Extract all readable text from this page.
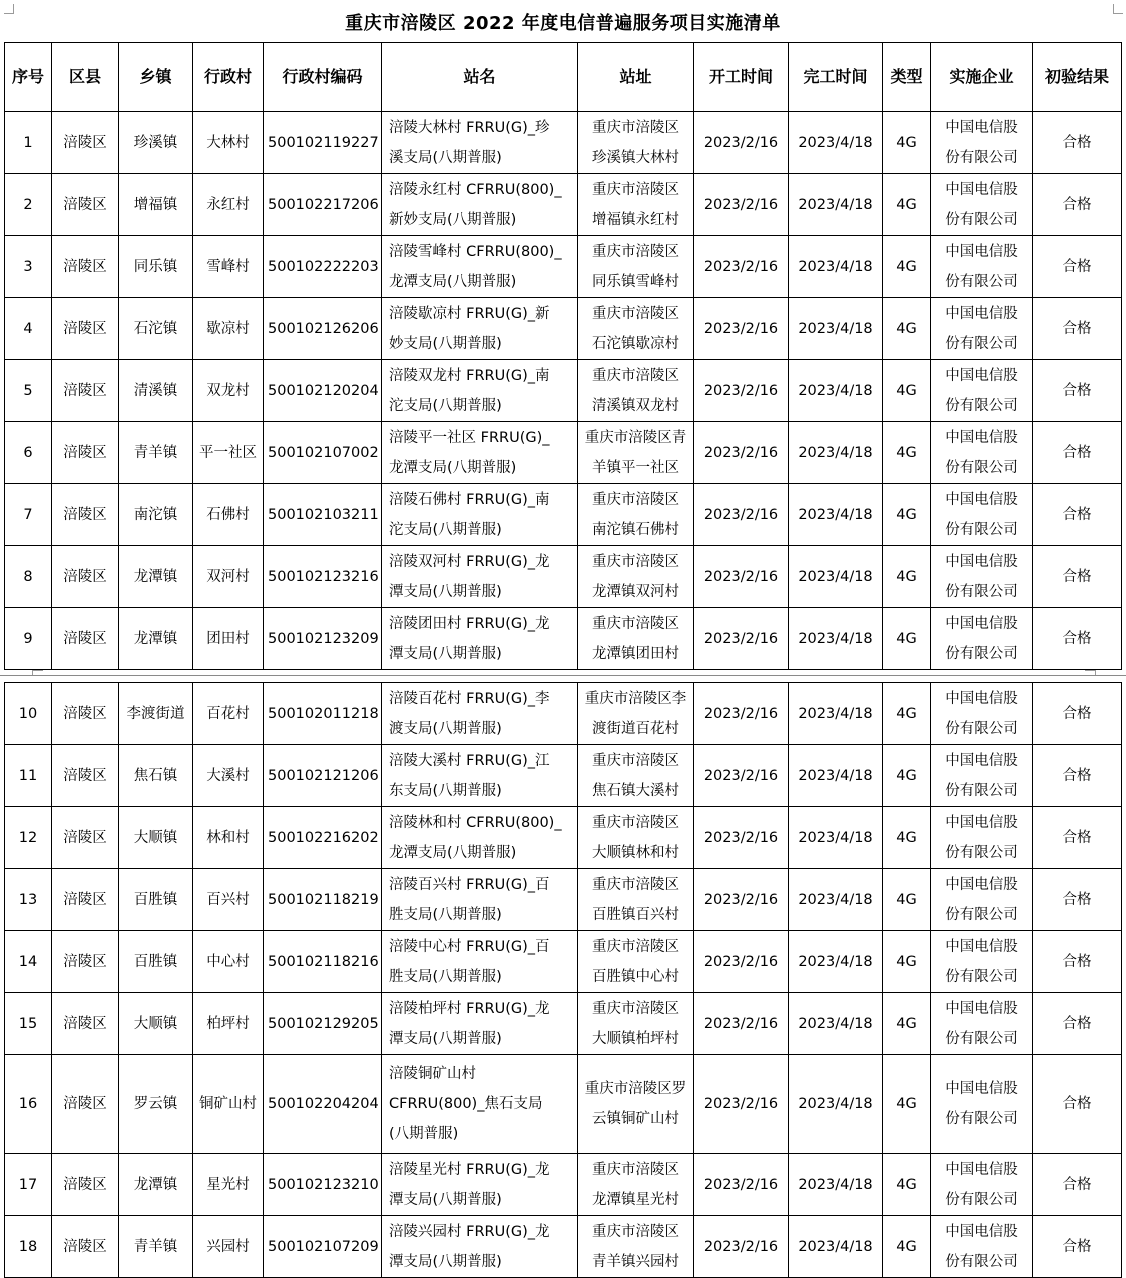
重庆市涪陵区 2022 年度电信普遍服务项目实施清单
序号	区县	乡镇	行政村	行政村编码	站名	站址	开工时间	完工时间	类型	实施企业	初验结果
1	涪陵区	珍溪镇	大林村	500102119227	涪陵大林村 FRRU(G)_珍
溪支局(八期普服)	重庆市涪陵区
珍溪镇大林村	2023/2/16	2023/4/18	4G	中国电信股
份有限公司	合格
2	涪陵区	增福镇	永红村	500102217206	涪陵永红村 CFRRU(800)_
新妙支局(八期普服)	重庆市涪陵区
增福镇永红村	2023/2/16	2023/4/18	4G	中国电信股
份有限公司	合格
3	涪陵区	同乐镇	雪峰村	500102222203	涪陵雪峰村 CFRRU(800)_
龙潭支局(八期普服)	重庆市涪陵区
同乐镇雪峰村	2023/2/16	2023/4/18	4G	中国电信股
份有限公司	合格
4	涪陵区	石沱镇	歇凉村	500102126206	涪陵歇凉村 FRRU(G)_新
妙支局(八期普服)	重庆市涪陵区
石沱镇歇凉村	2023/2/16	2023/4/18	4G	中国电信股
份有限公司	合格
5	涪陵区	清溪镇	双龙村	500102120204	涪陵双龙村 FRRU(G)_南
沱支局(八期普服)	重庆市涪陵区
清溪镇双龙村	2023/2/16	2023/4/18	4G	中国电信股
份有限公司	合格
6	涪陵区	青羊镇	平一社区	500102107002	涪陵平一社区 FRRU(G)_
龙潭支局(八期普服)	重庆市涪陵区青
羊镇平一社区	2023/2/16	2023/4/18	4G	中国电信股
份有限公司	合格
7	涪陵区	南沱镇	石佛村	500102103211	涪陵石佛村 FRRU(G)_南
沱支局(八期普服)	重庆市涪陵区
南沱镇石佛村	2023/2/16	2023/4/18	4G	中国电信股
份有限公司	合格
8	涪陵区	龙潭镇	双河村	500102123216	涪陵双河村 FRRU(G)_龙
潭支局(八期普服)	重庆市涪陵区
龙潭镇双河村	2023/2/16	2023/4/18	4G	中国电信股
份有限公司	合格
9	涪陵区	龙潭镇	团田村	500102123209	涪陵团田村 FRRU(G)_龙
潭支局(八期普服)	重庆市涪陵区
龙潭镇团田村	2023/2/16	2023/4/18	4G	中国电信股
份有限公司	合格
10	涪陵区	李渡街道	百花村	500102011218	涪陵百花村 FRRU(G)_李
渡支局(八期普服)	重庆市涪陵区李
渡街道百花村	2023/2/16	2023/4/18	4G	中国电信股
份有限公司	合格
11	涪陵区	焦石镇	大溪村	500102121206	涪陵大溪村 FRRU(G)_江
东支局(八期普服)	重庆市涪陵区
焦石镇大溪村	2023/2/16	2023/4/18	4G	中国电信股
份有限公司	合格
12	涪陵区	大顺镇	林和村	500102216202	涪陵林和村 CFRRU(800)_
龙潭支局(八期普服)	重庆市涪陵区
大顺镇林和村	2023/2/16	2023/4/18	4G	中国电信股
份有限公司	合格
13	涪陵区	百胜镇	百兴村	500102118219	涪陵百兴村 FRRU(G)_百
胜支局(八期普服)	重庆市涪陵区
百胜镇百兴村	2023/2/16	2023/4/18	4G	中国电信股
份有限公司	合格
14	涪陵区	百胜镇	中心村	500102118216	涪陵中心村 FRRU(G)_百
胜支局(八期普服)	重庆市涪陵区
百胜镇中心村	2023/2/16	2023/4/18	4G	中国电信股
份有限公司	合格
15	涪陵区	大顺镇	柏坪村	500102129205	涪陵柏坪村 FRRU(G)_龙
潭支局(八期普服)	重庆市涪陵区
大顺镇柏坪村	2023/2/16	2023/4/18	4G	中国电信股
份有限公司	合格
16	涪陵区	罗云镇	铜矿山村	500102204204	涪陵铜矿山村
CFRRU(800)_焦石支局
(八期普服)	重庆市涪陵区罗
云镇铜矿山村	2023/2/16	2023/4/18	4G	中国电信股
份有限公司	合格
17	涪陵区	龙潭镇	星光村	500102123210	涪陵星光村 FRRU(G)_龙
潭支局(八期普服)	重庆市涪陵区
龙潭镇星光村	2023/2/16	2023/4/18	4G	中国电信股
份有限公司	合格
18	涪陵区	青羊镇	兴园村	500102107209	涪陵兴园村 FRRU(G)_龙
潭支局(八期普服)	重庆市涪陵区
青羊镇兴园村	2023/2/16	2023/4/18	4G	中国电信股
份有限公司	合格
